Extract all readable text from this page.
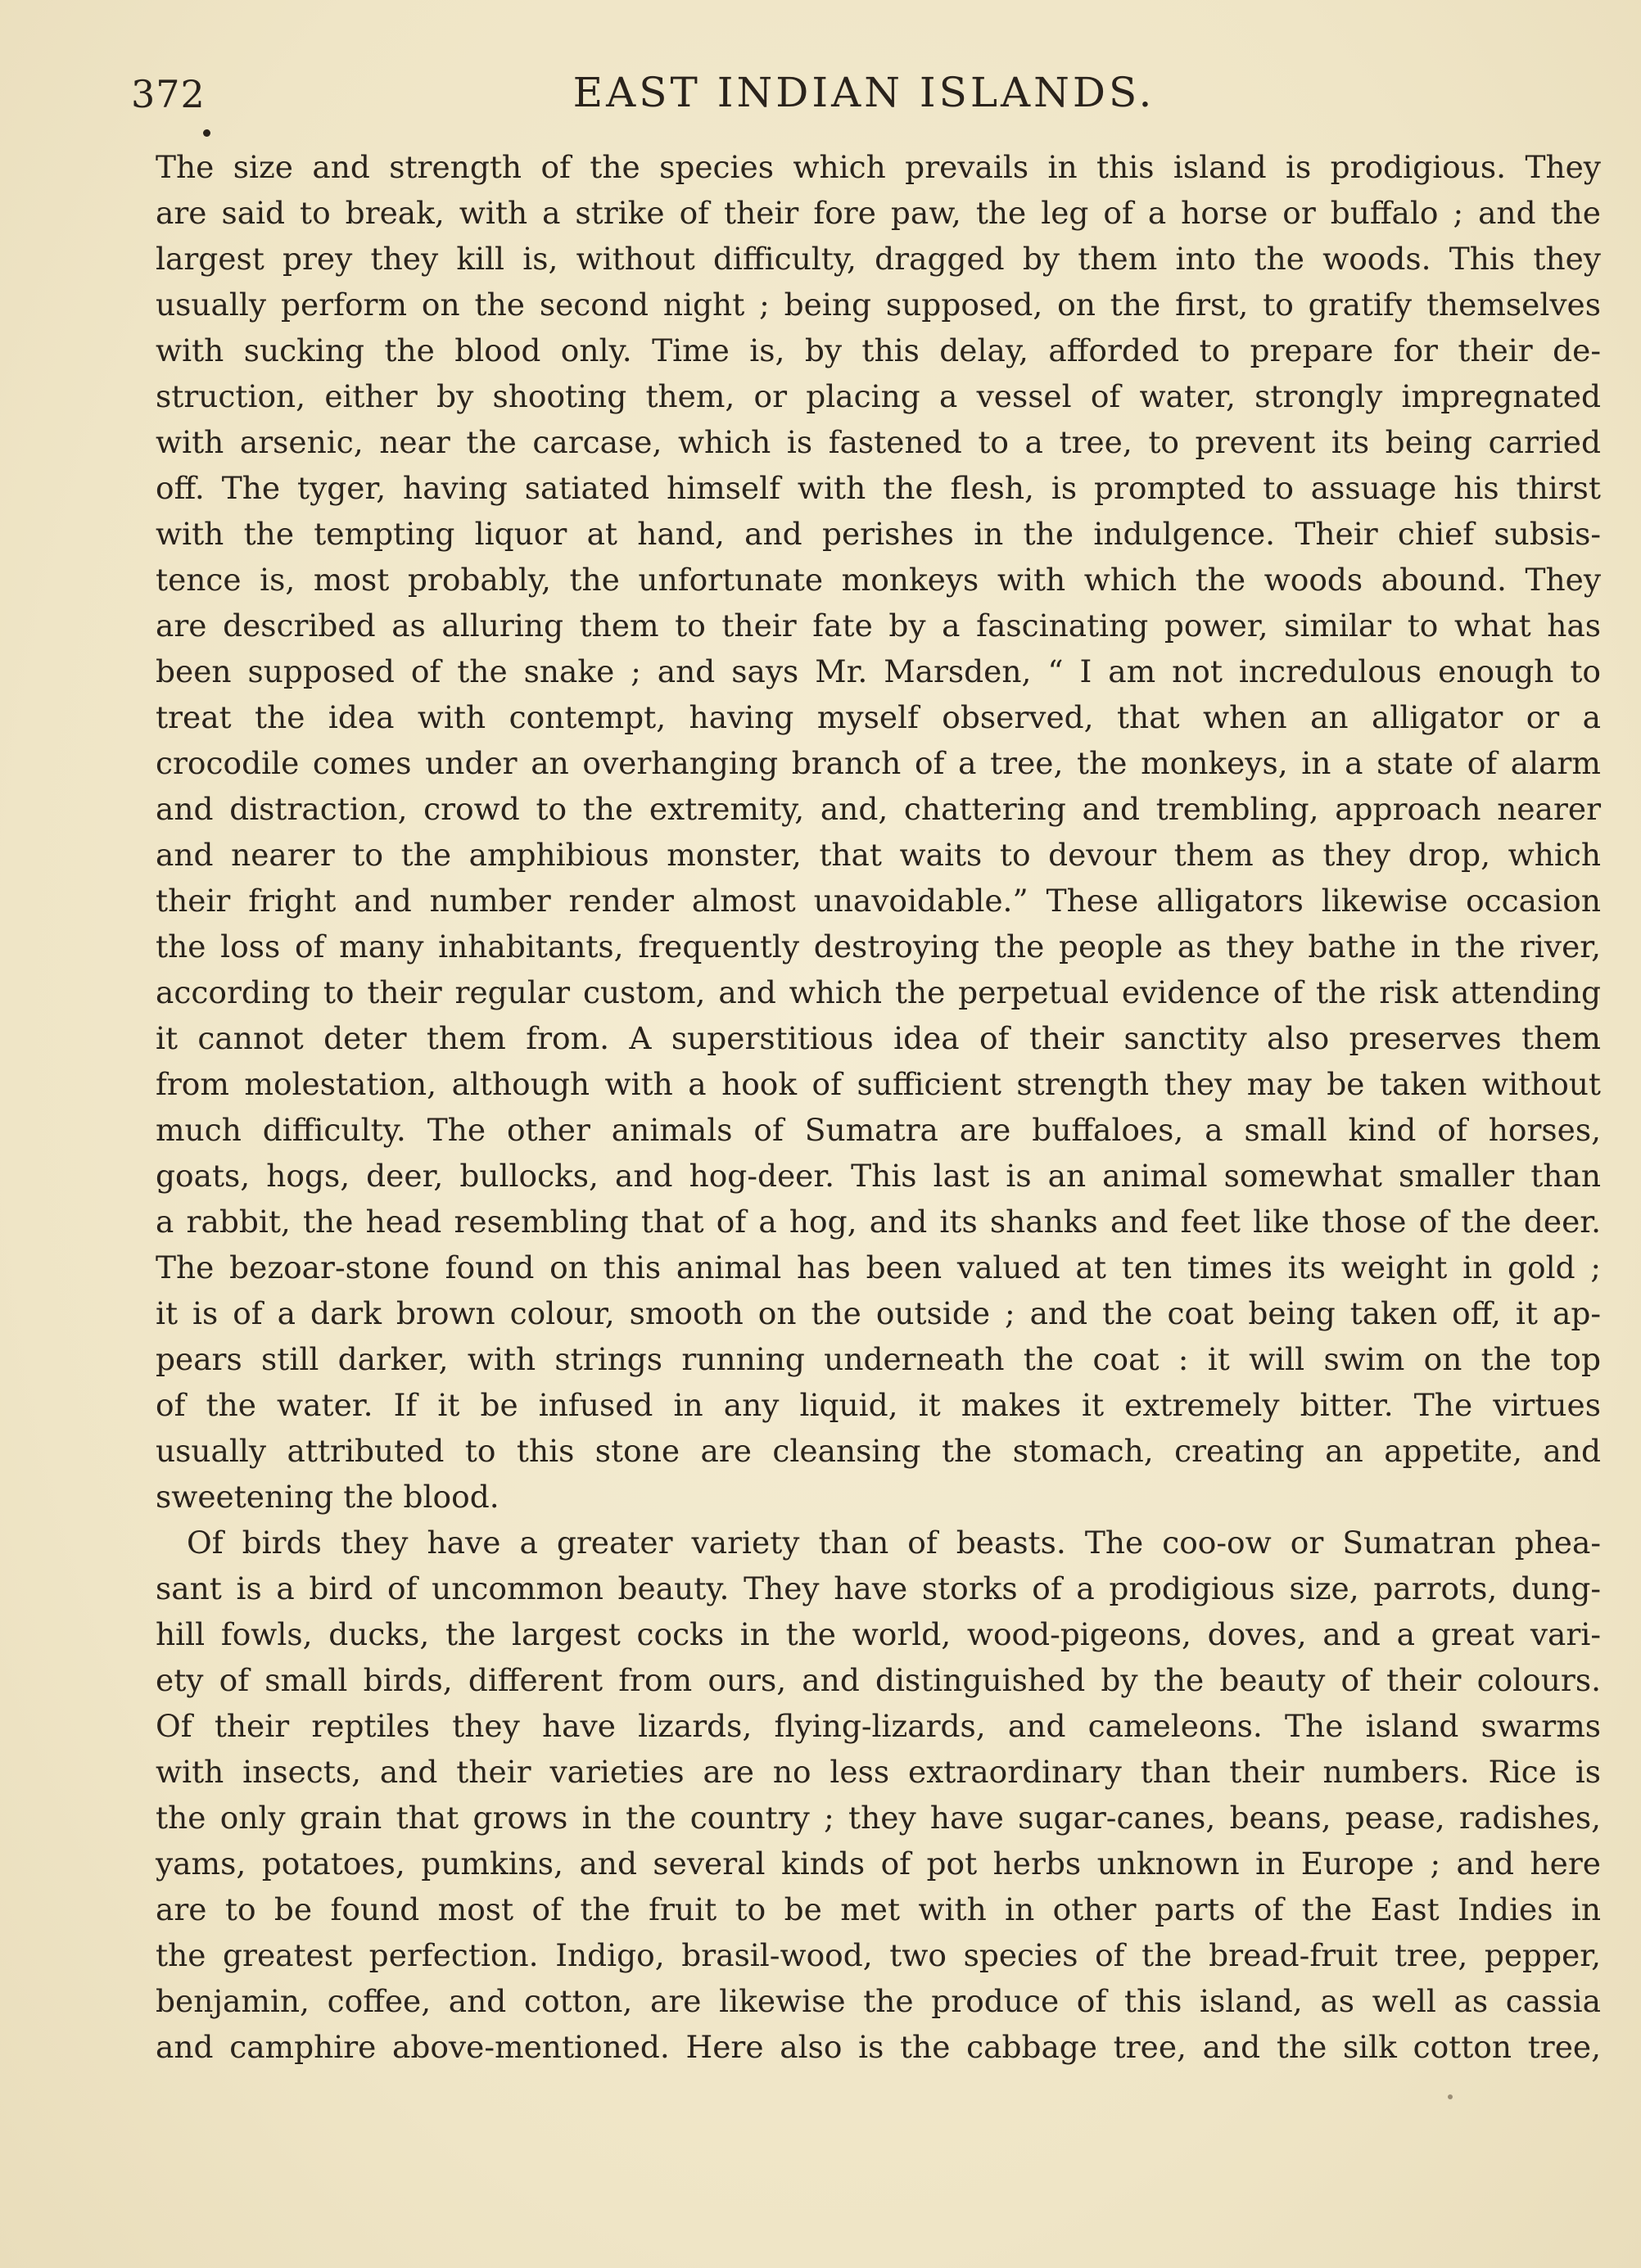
372	EAST INDIAN ISLANDS.
The size and strength of the species which prevails in this island is prodigious. They
are said to break, with a strike of their fore paw, the leg of a horse or buffalo ; and the
largest prey they kill is, without difficulty, dragged by them into the woods. This they
usually perform on the second night ; being supposed, on the first, to gratify themselves
with sucking the blood only. Time is, by this delay, afforded to prepare for their de-
struction, either by shooting them, or placing a vessel of water, strongly impregnated
with arsenic, near the carcase, which is fastened to a tree, to prevent its being carried
off. The tyger, having satiated himself with the flesh, is prompted to assuage his thirst
with the tempting liquor at hand, and perishes in the indulgence. Their chief subsis-
tence is, most probably, the unfortunate monkeys with which the woods abound. They
are described as alluring them to their fate by a fascinating power, similar to what has
been supposed of the snake ; and says Mr. Marsden, “ I am not incredulous enough to
treat the idea with contempt, having myself observed, that when an alligator or a
crocodile comes under an overhanging branch of a tree, the monkeys, in a state of alarm
and distraction, crowd to the extremity, and, chattering and trembling, approach nearer
and nearer to the amphibious monster, that waits to devour them as they drop, which
their fright and number render almost unavoidable.” These alligators likewise occasion
the loss of many inhabitants, frequently destroying the people as they bathe in the river,
according to their regular custom, and which the perpetual evidence of the risk attending
it cannot deter them from. A superstitious idea of their sanctity also preserves them
from molestation, although with a hook of sufficient strength they may be taken without
much difficulty. The other animals of Sumatra are buffaloes, a small kind of horses,
goats, hogs, deer, bullocks, and hog-deer. This last is an animal somewhat smaller than
a rabbit, the head resembling that of a hog, and its shanks and feet like those of the deer.
The bezoar-stone found on this animal has been valued at ten times its weight in gold ;
it is of a dark brown colour, smooth on the outside ; and the coat being taken off, it ap-
pears still darker, with strings running underneath the coat : it will swim on the top
of the water. If it be infused in any liquid, it makes it extremely bitter. The virtues
usually attributed to this stone are cleansing the stomach, creating an appetite, and
sweetening the blood.
Of birds they have a greater variety than of beasts. The coo-ow or Sumatran phea-
sant is a bird of uncommon beauty. They have storks of a prodigious size, parrots, dung-
hill fowls, ducks, the largest cocks in the world, wood-pigeons, doves, and a great vari-
ety of small birds, different from ours, and distinguished by the beauty of their colours.
Of their reptiles they have lizards, flying-lizards, and cameleons. The island swarms
with insects, and their varieties are no less extraordinary than their numbers. Rice is
the only grain that grows in the country ; they have sugar-canes, beans, pease, radishes,
yams, potatoes, pumkins, and several kinds of pot herbs unknown in Europe ; and here
are to be found most of the fruit to be met with in other parts of the East Indies in
the greatest perfection. Indigo, brasil-wood, two species of the bread-fruit tree, pepper,
benjamin, coffee, and cotton, are likewise the produce of this island, as well as cassia
and camphire above-mentioned. Here also is the cabbage tree, and the silk cotton tree,
